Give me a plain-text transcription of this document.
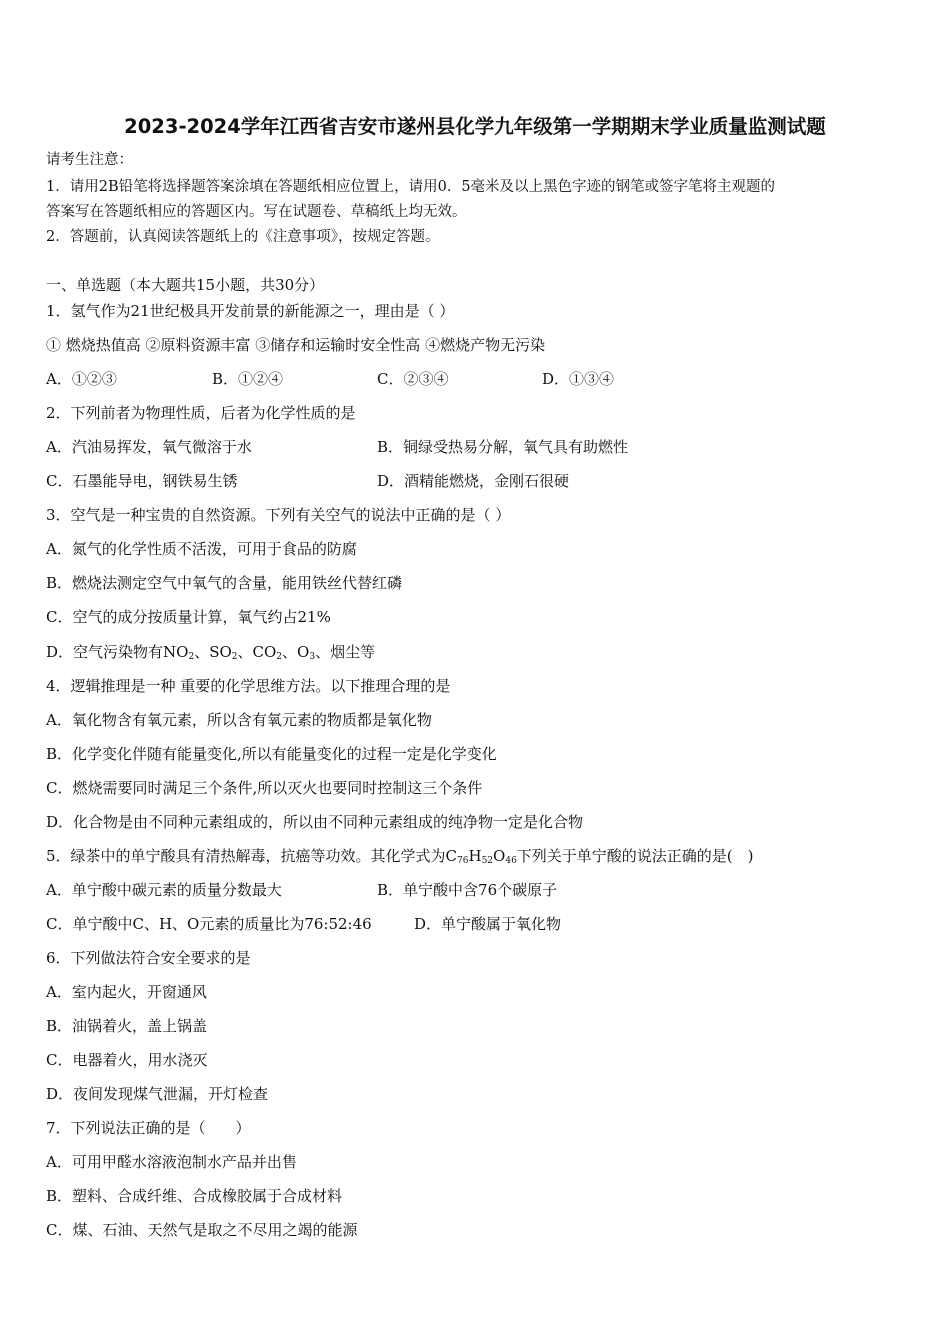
2023-2024学年江西省吉安市遂州县化学九年级第一学期期末学业质量监测试题
请考生注意：
1．请用2B铅笔将选择题答案涂填在答题纸相应位置上，请用0．5毫米及以上黑色字迹的钢笔或签字笔将主观题的
答案写在答题纸相应的答题区内。写在试题卷、草稿纸上均无效。
2．答题前，认真阅读答题纸上的《注意事项》，按规定答题。
一、单选题（本大题共15小题，共30分）
1．氢气作为21世纪极具开发前景的新能源之一，理由是（ ）
① 燃烧热值高 ②原料资源丰富 ③储存和运输时安全性高 ④燃烧产物无污染
A．①②③	B．①②④	C．②③④	D．①③④
2．下列前者为物理性质，后者为化学性质的是
A．汽油易挥发，氧气微溶于水	B．铜绿受热易分解，氧气具有助燃性
C．石墨能导电，钢铁易生锈	D．酒精能燃烧，金刚石很硬
3．空气是一种宝贵的自然资源。下列有关空气的说法中正确的是（ ）
A．氮气的化学性质不活泼，可用于食品的防腐
B．燃烧法测定空气中氧气的含量，能用铁丝代替红磷
C．空气的成分按质量计算，氧气约占21%
D．空气污染物有$NO_2$、$SO_2$、$CO_2$、$O_3$、烟尘等
4．逻辑推理是一种 重要的化学思维方法。以下推理合理的是
A．氧化物含有氧元素，所以含有氧元素的物质都是氧化物
B．化学变化伴随有能量变化,所以有能量变化的过程一定是化学变化
C．燃烧需要同时满足三个条件,所以灭火也要同时控制这三个条件
D．化合物是由不同种元素组成的，所以由不同种元素组成的纯净物一定是化合物
5．绿茶中的单宁酸具有清热解毒，抗癌等功效。其化学式为$C_{76}H_{52}O_{46}$下列关于单宁酸的说法正确的是(　)
A．单宁酸中碳元素的质量分数最大	B．单宁酸中含76个碳原子
C．单宁酸中C、H、O元素的质量比为76:52:46	D．单宁酸属于氧化物
6．下列做法符合安全要求的是
A．室内起火，开窗通风
B．油锅着火，盖上锅盖
C．电器着火，用水浇灭
D．夜间发现煤气泄漏，开灯检查
7．下列说法正确的是（　　）
A．可用甲醛水溶液泡制水产品并出售
B．塑料、合成纤维、合成橡胶属于合成材料
C．煤、石油、天然气是取之不尽用之竭的能源
